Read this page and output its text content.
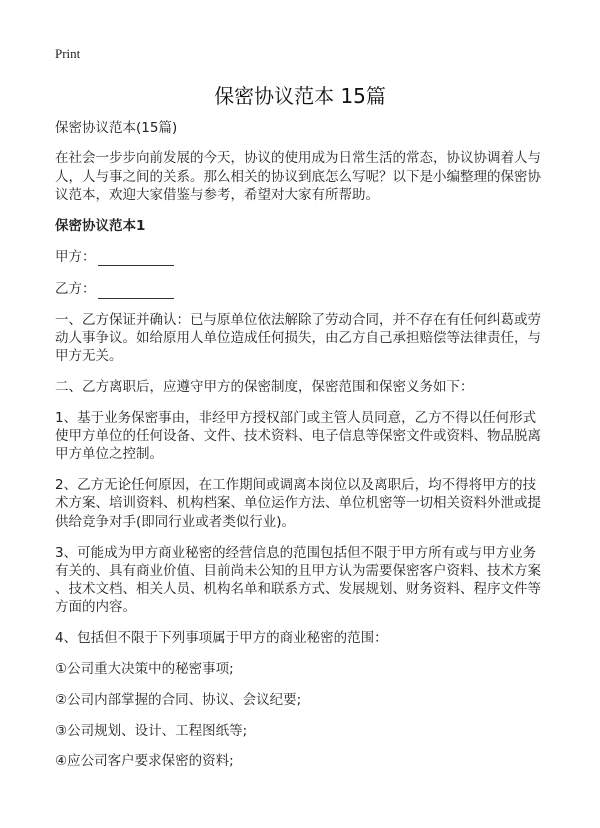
Print
保密协议范本 15篇
保密协议范本(15篇)
在社会一步步向前发展的今天，协议的使用成为日常生活的常态，协议协调着人与
人，人与事之间的关系。那么相关的协议到底怎么写呢？以下是小编整理的保密协
议范本，欢迎大家借鉴与参考，希望对大家有所帮助。
保密协议范本1
甲方：
乙方：
一、乙方保证并确认：已与原单位依法解除了劳动合同，并不存在有任何纠葛或劳
动人事争议。如给原用人单位造成任何损失，由乙方自己承担赔偿等法律责任，与
甲方无关。
二、乙方离职后，应遵守甲方的保密制度，保密范围和保密义务如下：
1、基于业务保密事由，非经甲方授权部门或主管人员同意，乙方不得以任何形式
使甲方单位的任何设备、文件、技术资料、电子信息等保密文件或资料、物品脱离
甲方单位之控制。
2、乙方无论任何原因，在工作期间或调离本岗位以及离职后，均不得将甲方的技
术方案、培训资料、机构档案、单位运作方法、单位机密等一切相关资料外泄或提
供给竞争对手(即同行业或者类似行业)。
3、可能成为甲方商业秘密的经营信息的范围包括但不限于甲方所有或与甲方业务
有关的、具有商业价值、目前尚未公知的且甲方认为需要保密客户资料、技术方案
、技术文档、相关人员、机构名单和联系方式、发展规划、财务资料、程序文件等
方面的内容。
4、包括但不限于下列事项属于甲方的商业秘密的范围：
①公司重大决策中的秘密事项;
②公司内部掌握的合同、协议、会议纪要;
③公司规划、设计、工程图纸等;
④应公司客户要求保密的资料;
